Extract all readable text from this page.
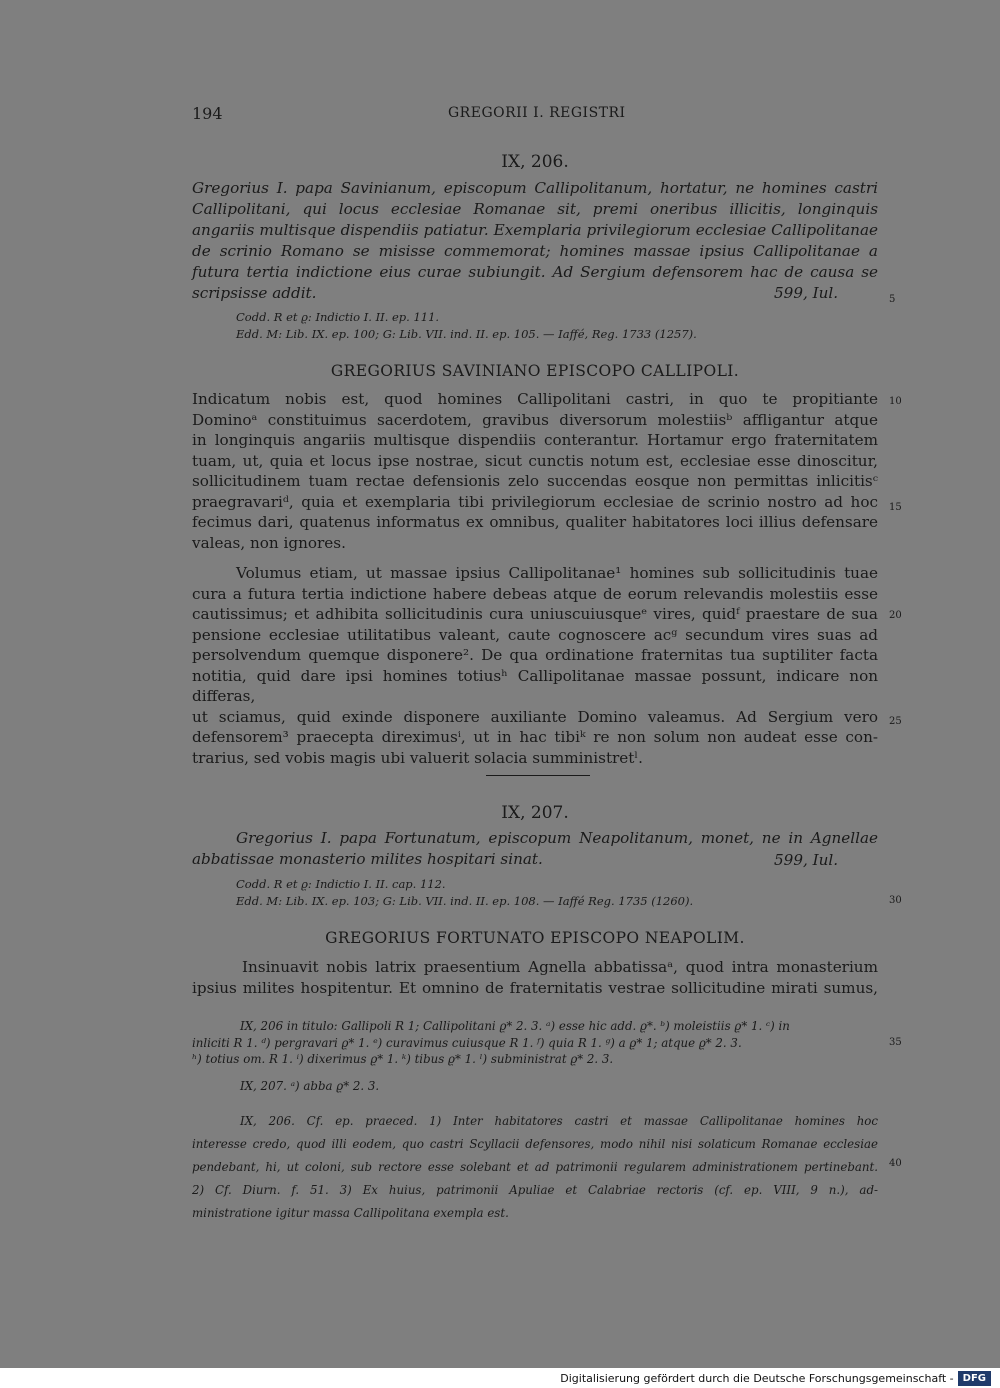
194	GREGORII I. REGISTRI
IX, 206.
Gregorius I. papa Savinianum, episcopum Callipolitanum, hortatur, ne homines castri Callipolitani, qui locus ecclesiae Romanae sit, premi oneribus illicitis, longinquis angariis multisque dispendiis patiatur. Exemplaria privilegiorum ecclesiae Callipolitanae de scrinio Romano se misisse commemorat; homines massae ipsius Callipolitanae a futura tertia indictione eius curae subiungit. Ad Sergium defensorem hac de causa se scripsisse addit.	599, Iul.
Codd. R et ϱ: Indictio I. II. ep. 111.
Edd. M: Lib. IX. ep. 100; G: Lib. VII. ind. II. ep. 105. — Iaffé, Reg. 1733 (1257).
GREGORIUS SAVINIANO EPISCOPO CALLIPOLI.
Indicatum nobis est, quod homines Callipolitani castri, in quo te propitiante
Dominoᵃ constituimus sacerdotem, gravibus diversorum molestiisᵇ affligantur atque
in longinquis angariis multisque dispendiis conterantur. Hortamur ergo fraternitatem
tuam, ut, quia et locus ipse nostrae, sicut cunctis notum est, ecclesiae esse dinoscitur,
sollicitudinem tuam rectae defensionis zelo succendas eosque non permittas inlicitisᶜ
praegravariᵈ, quia et exemplaria tibi privilegiorum ecclesiae de scrinio nostro ad hoc
fecimus dari, quatenus informatus ex omnibus, qualiter habitatores loci illius defensare
valeas, non ignores.
Volumus etiam, ut massae ipsius Callipolitanae¹ homines sub sollicitudinis tuae
cura a futura tertia indictione habere debeas atque de eorum relevandis molestiis esse
cautissimus; et adhibita sollicitudinis cura uniuscuiusqueᵉ vires, quidᶠ praestare de sua
pensione ecclesiae utilitatibus valeant, caute cognoscere acᵍ secundum vires suas ad
persolvendum quemque disponere². De qua ordinatione fraternitas tua suptiliter facta
notitia, quid dare ipsi homines totiusʰ Callipolitanae massae possunt, indicare non differas,
ut sciamus, quid exinde disponere auxiliante Domino valeamus. Ad Sergium vero
defensorem³ praecepta direximusⁱ, ut in hac tibiᵏ re non solum non audeat esse con-
trarius, sed vobis magis ubi valuerit solacia sumministretˡ.
IX, 207.
Gregorius I. papa Fortunatum, episcopum Neapolitanum, monet, ne in Agnellae abbatissae monasterio milites hospitari sinat.	599, Iul.
Codd. R et ϱ: Indictio I. II. cap. 112.
Edd. M: Lib. IX. ep. 103; G: Lib. VII. ind. II. ep. 108. — Iaffé Reg. 1735 (1260).
GREGORIUS FORTUNATO EPISCOPO NEAPOLIM.
Insinuavit nobis latrix praesentium Agnella abbatissaᵃ, quod intra monasterium
ipsius milites hospitentur. Et omnino de fraternitatis vestrae sollicitudine mirati sumus,
5
10
15
20
25
30
35
40
IX, 206 in titulo: Gallipoli R 1; Callipolitani ϱ* 2. 3. ᵃ) esse hic add. ϱ*. ᵇ) moleistiis ϱ* 1. ᶜ) in
inliciti R 1. ᵈ) pergravari ϱ* 1. ᵉ) curavimus cuiusque R 1. ᶠ) quia R 1. ᵍ) a ϱ* 1; atque ϱ* 2. 3.
ʰ) totius om. R 1. ⁱ) dixerimus ϱ* 1. ᵏ) tibus ϱ* 1. ˡ) subministrat ϱ* 2. 3.
IX, 207. ᵃ) abba ϱ* 2. 3.
IX, 206. Cf. ep. praeced. 1) Inter habitatores castri et massae Callipolitanae homines hoc
interesse credo, quod illi eodem, quo castri Scyllacii defensores, modo nihil nisi solaticum Romanae ecclesiae
pendebant, hi, ut coloni, sub rectore esse solebant et ad patrimonii regularem administrationem pertinebant.
2) Cf. Diurn. f. 51. 3) Ex huius, patrimonii Apuliae et Calabriae rectoris (cf. ep. VIII, 9 n.), ad-
ministratione igitur massa Callipolitana exempla est.
Digitalisierung gefördert durch die Deutsche Forschungsgemeinschaft - DFG
